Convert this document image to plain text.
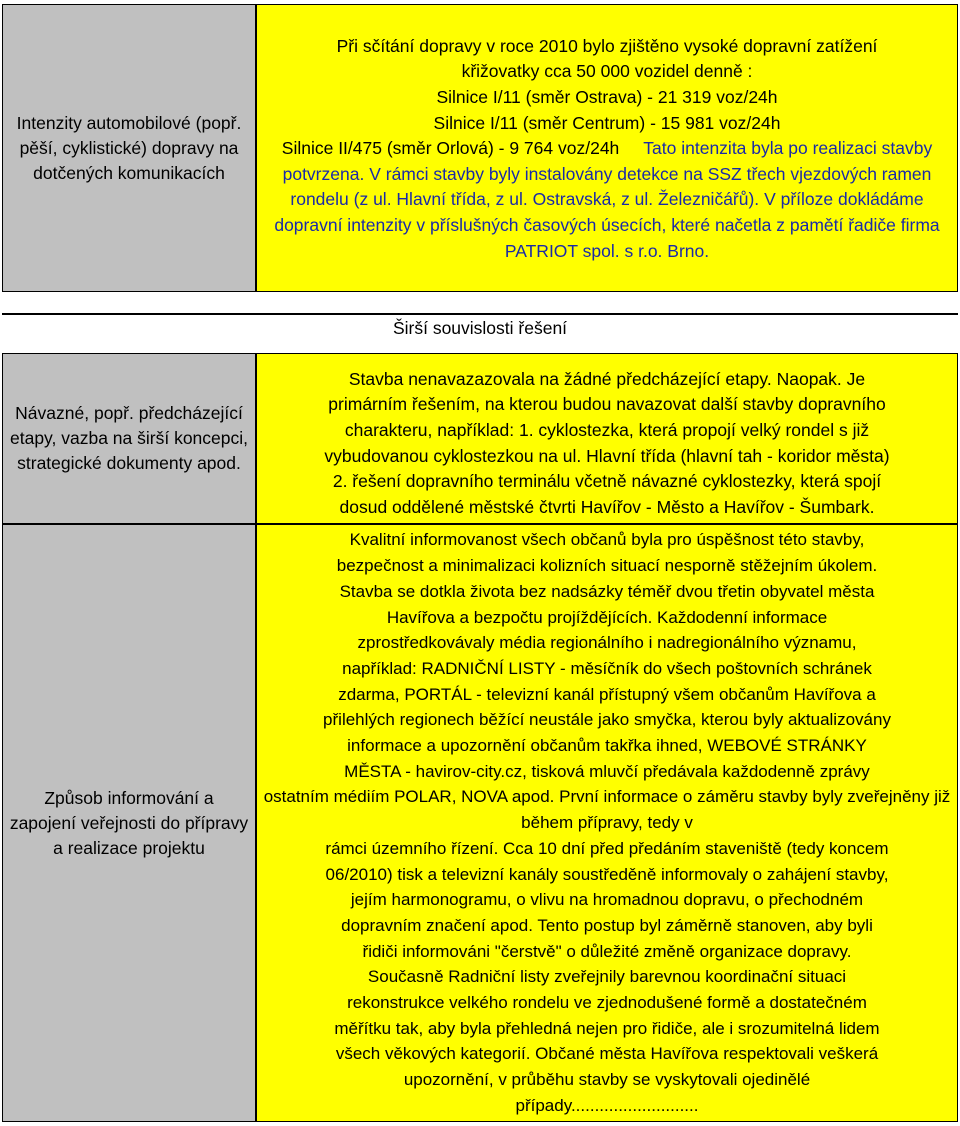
Intenzity automobilové (popř. pěší, cyklistické) dopravy na dotčených komunikacích
Při sčítání dopravy v roce 2010 bylo zjištěno vysoké dopravní zatížení
křižovatky cca 50 000 vozidel denně :
Silnice I/11 (směr Ostrava) - 21 319 voz/24h
Silnice I/11 (směr Centrum) - 15 981 voz/24h
Silnice II/475 (směr Orlová) - 9 764 voz/24h Tato intenzita byla po realizaci stavby potvrzena. V rámci stavby byly instalovány detekce na SSZ třech vjezdových ramen rondelu (z ul. Hlavní třída, z ul. Ostravská, z ul. Železničářů). V příloze dokládáme dopravní intenzity v příslušných časových úsecích, které načetla z pamětí řadiče firma PATRIOT spol. s r.o. Brno.
Širší souvislosti řešení
Návazné, popř. předcházející etapy, vazba na širší koncepci, strategické dokumenty apod.
Stavba nenavazazovala na žádné předcházející etapy. Naopak. Je
primárním řešením, na kterou budou navazovat další stavby dopravního
charakteru, například: 1. cyklostezka, která propojí velký rondel s již
vybudovanou cyklostezkou na ul. Hlavní třída (hlavní tah - koridor města)
2. řešení dopravního terminálu včetně návazné cyklostezky, která spojí
dosud oddělené městské čtvrti Havířov - Město a Havířov - Šumbark.
Způsob informování a zapojení veřejnosti do přípravy a realizace projektu
Kvalitní informovanost všech občanů byla pro úspěšnost této stavby,
bezpečnost a minimalizaci kolizních situací nesporně stěžejním úkolem.
Stavba se dotkla života bez nadsázky téměř dvou třetin obyvatel města
Havířova a bezpočtu projíždějících. Každodenní informace
zprostředkovávaly média regionálního i nadregionálního významu,
například: RADNIČNÍ LISTY - měsíčník do všech poštovních schránek
zdarma, PORTÁL - televizní kanál přístupný všem občanům Havířova a
přilehlých regionech běžící neustále jako smyčka, kterou byly aktualizovány
informace a upozornění občanům takřka ihned, WEBOVÉ STRÁNKY
MĚSTA - havirov-city.cz, tisková mluvčí předávala každodenně zprávy
ostatním médiím POLAR, NOVA apod. První informace o záměru stavby byly zveřejněny již během přípravy, tedy v
rámci územního řízení. Cca 10 dní před předáním staveniště (tedy koncem
06/2010) tisk a televizní kanály soustředěně informovaly o zahájení stavby,
jejím harmonogramu, o vlivu na hromadnou dopravu, o přechodném
dopravním značení apod. Tento postup byl záměrně stanoven, aby byli
řidiči informováni "čerstvě" o důležité změně organizace dopravy.
Současně Radniční listy zveřejnily barevnou koordinační situaci
rekonstrukce velkého rondelu ve zjednodušené formě a dostatečném
měřítku tak, aby byla přehledná nejen pro řidiče, ale i srozumitelná lidem
všech věkových kategorií. Občané města Havířova respektovali veškerá
upozornění, v průběhu stavby se vyskytovali ojedinělé
případy...........................
